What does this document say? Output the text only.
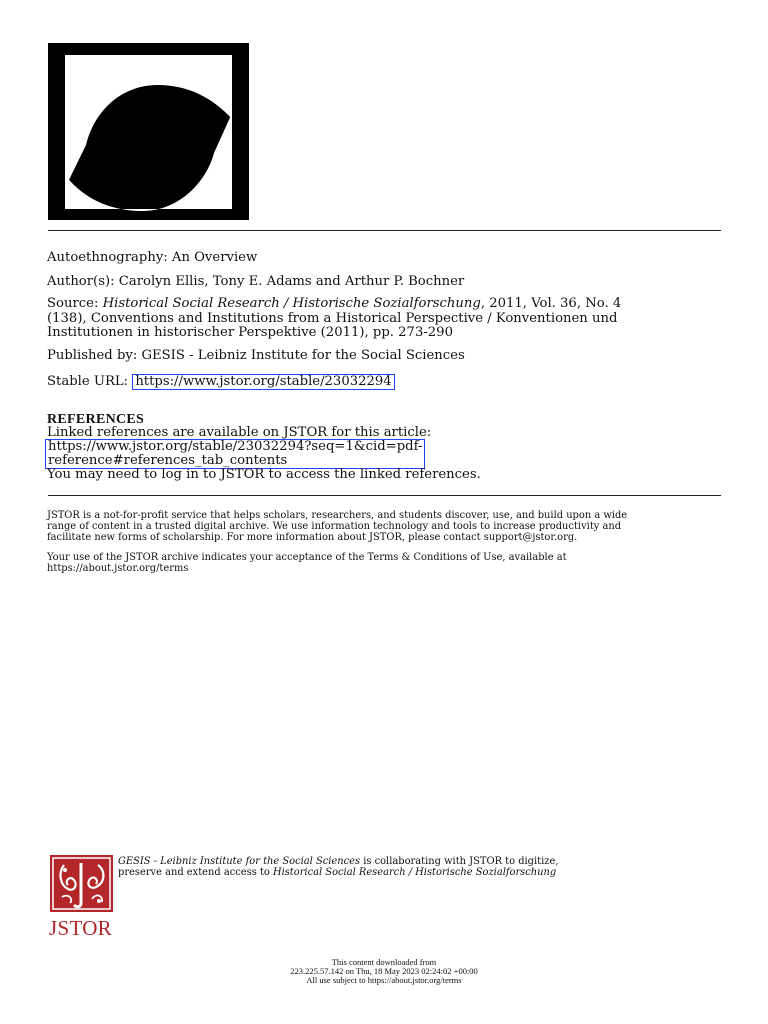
Autoethnography: An Overview
Author(s): Carolyn Ellis, Tony E. Adams and Arthur P. Bochner
Source: Historical Social Research / Historische Sozialforschung, 2011, Vol. 36, No. 4
(138), Conventions and Institutions from a Historical Perspective / Konventionen und
Institutionen in historischer Perspektive (2011), pp. 273-290
Published by: GESIS - Leibniz Institute for the Social Sciences
Stable URL: https://www.jstor.org/stable/23032294
REFERENCES
Linked references are available on JSTOR for this article:
https://www.jstor.org/stable/23032294?seq=1&cid=pdf-
reference#references_tab_contents
You may need to log in to JSTOR to access the linked references.
JSTOR is a not-for-profit service that helps scholars, researchers, and students discover, use, and build upon a wide
range of content in a trusted digital archive. We use information technology and tools to increase productivity and
facilitate new forms of scholarship. For more information about JSTOR, please contact support@jstor.org.
Your use of the JSTOR archive indicates your acceptance of the Terms & Conditions of Use, available at
https://about.jstor.org/terms
JSTOR
GESIS - Leibniz Institute for the Social Sciences is collaborating with JSTOR to digitize,
preserve and extend access to Historical Social Research / Historische Sozialforschung
This content downloaded from
223.225.57.142 on Thu, 18 May 2023 02:24:02 +00:00
All use subject to https://about.jstor.org/terms
